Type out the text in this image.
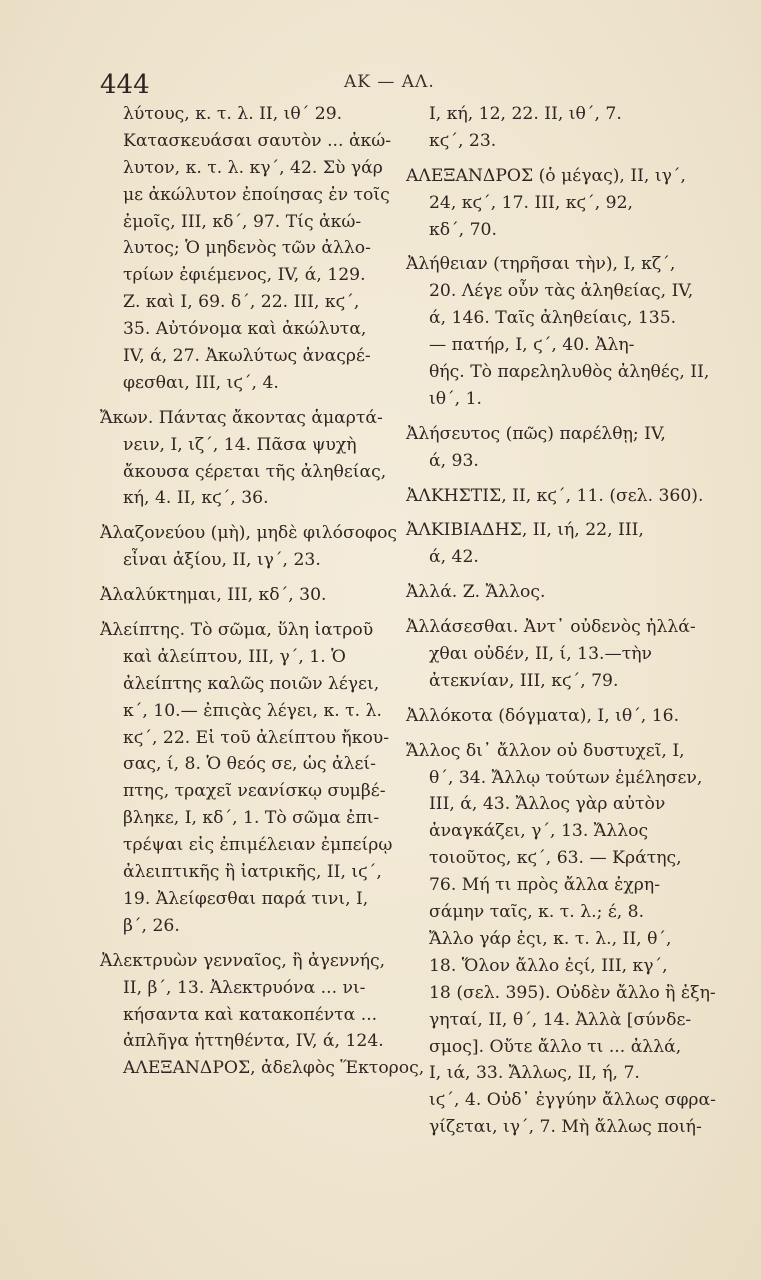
444	ΑΚ — ΑΛ.
λύτους, κ. τ. λ. II, ιθ΄ 29.
Κατασκευάσαι σαυτὸν ... ἀκώ-
λυτον, κ. τ. λ. κγ΄, 42. Σὺ γάρ
με ἀκώλυτον ἐποίησας ἐν τοῖς
ἐμοῖς, III, κδ΄, 97. Τίς ἀκώ-
λυτος; Ὁ μηδενὸς τῶν ἀλλο-
τρίων ἐφιέμενος, IV, ά, 129.
Ζ. καὶ I, 69. δ΄, 22. III, κϛ΄,
35. Αὐτόνομα καὶ ἀκώλυτα,
IV, ά, 27. Ἀκωλύτως ἀναςρέ-
φεσθαι, III, ιϛ΄, 4.
Ἄκων. Πάντας ἄκοντας ἁμαρτά-
νειν, I, ιζ΄, 14. Πᾶσα ψυχὴ
ἄκουσα ςέρεται τῆς ἀληθείας,
κή, 4. II, κϛ΄, 36.
Ἀλαζονεύου (μὴ), μηδὲ φιλόσοφος
εἶναι ἀξίου, II, ιγ΄, 23.
Ἀλαλύκτημαι, III, κδ΄, 30.
Ἀλείπτης. Τὸ σῶμα, ὕλη ἰατροῦ
καὶ ἀλείπτου, III, γ΄, 1. Ὁ
ἀλείπτης καλῶς ποιῶν λέγει,
κ΄, 10.— ἐπιςὰς λέγει, κ. τ. λ.
κϛ΄, 22. Εἰ τοῦ ἀλείπτου ἤκου-
σας, ί, 8. Ὁ θεός σε, ὡς ἀλεί-
πτης, τραχεῖ νεανίσκῳ συμβέ-
βληκε, I, κδ΄, 1. Τὸ σῶμα ἐπι-
τρέψαι εἰς ἐπιμέλειαν ἐμπείρῳ
ἀλειπτικῆς ἢ ἰατρικῆς, II, ιϛ΄,
19. Ἀλείφεσθαι παρά τινι, I,
β΄, 26.
Ἀλεκτρυὼν γενναῖος, ἢ ἀγεννής,
II, β΄, 13. Ἀλεκτρυόνα ... νι-
κήσαντα καὶ κατακοπέντα ...
ἀπλῆγα ἡττηθέντα, IV, ά, 124.
ΑΛΕΞΑΝΔΡΟΣ, ἀδελφὸς Ἕκτορος,
I, κή, 12, 22. II, ιθ΄, 7.
κϛ΄, 23.
ΑΛΕΞΑΝΔΡΟΣ (ὁ μέγας), II, ιγ΄,
24, κϛ΄, 17. III, κϛ΄, 92,
κδ΄, 70.
Ἀλήθειαν (τηρῆσαι τὴν), I, κζ΄,
20. Λέγε οὖν τὰς ἀληθείας, IV,
ά, 146. Ταῖς ἀληθείαις, 135.
— πατήρ, I, ϛ΄, 40. Ἀλη-
θής. Τὸ παρεληλυθὸς ἀληθές, II,
ιθ΄, 1.
Ἀλήσευτος (πῶς) παρέλθῃ; IV,
ά, 93.
ἈΛΚΗΣΤΙΣ, II, κϛ΄, 11. (σελ. 360).
ἈΛΚΙΒΙΑΔΗΣ, II, ιή, 22, III,
ά, 42.
Ἀλλά. Ζ. Ἄλλος.
Ἀλλάσεσθαι. Ἀντ᾽ οὐδενὸς ἠλλά-
χθαι οὐδέν, II, ί, 13.—τὴν
ἀτεκνίαν, III, κϛ΄, 79.
Ἀλλόκοτα (δόγματα), I, ιθ΄, 16.
Ἄλλος δι᾽ ἄλλον οὐ δυστυχεῖ, I,
θ΄, 34. Ἄλλῳ τούτων ἐμέλησεν,
III, ά, 43. Ἄλλος γὰρ αὐτὸν
ἀναγκάζει, γ΄, 13. Ἄλλος
τοιοῦτος, κϛ΄, 63. — Κράτης,
76. Μή τι πρὸς ἄλλα ἐχρη-
σάμην ταῖς, κ. τ. λ.; έ, 8.
Ἄλλο γάρ ἐςι, κ. τ. λ., II, θ΄,
18. Ὅλον ἄλλο ἐςί, III, κγ΄,
18 (σελ. 395). Οὐδὲν ἄλλο ἢ ἐξη-
γηταί, II, θ΄, 14. Ἀλλὰ [σύνδε-
σμος]. Οὔτε ἄλλο τι ... ἀλλά,
I, ιά, 33. Ἄλλως, II, ή, 7.
ιϛ΄, 4. Οὐδ᾽ ἐγγύην ἄλλως σφρα-
γίζεται, ιγ΄, 7. Μὴ ἄλλως ποιή-
